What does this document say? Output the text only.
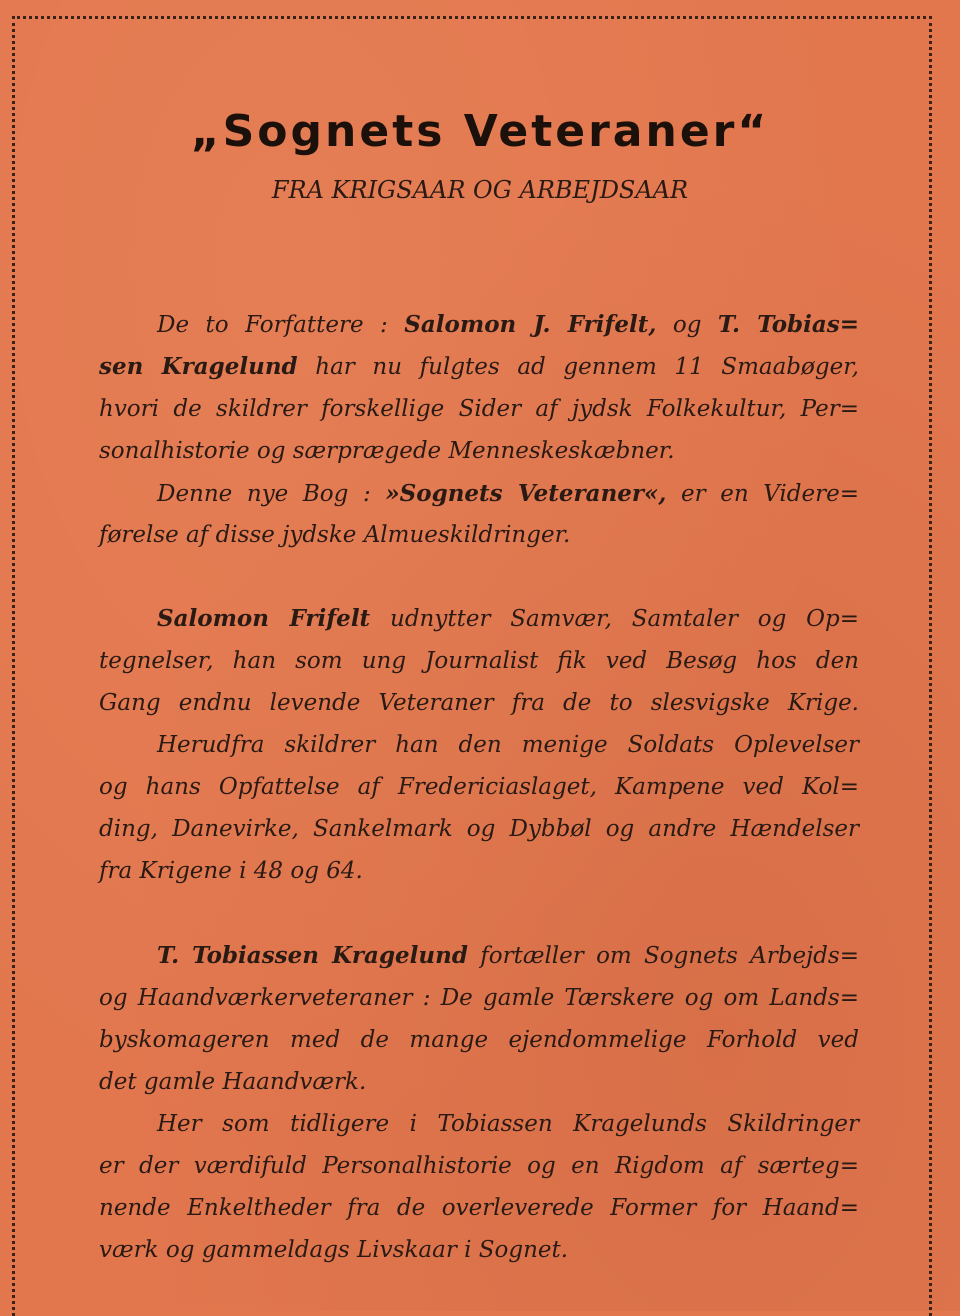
„Sognets Veteraner“
FRA KRIGSAAR OG ARBEJDSAAR
De to Forfattere : Salomon J. Frifelt, og T. Tobias=
sen Kragelund har nu fulgtes ad gennem 11 Smaabøger,
hvori de skildrer forskellige Sider af jydsk Folkekultur, Per=
sonalhistorie og særprægede Menneskeskæbner.
Denne nye Bog : »Sognets Veteraner«, er en Videre=
førelse af disse jydske Almueskildringer.
Salomon Frifelt udnytter Samvær, Samtaler og Op=
tegnelser, han som ung Journalist fik ved Besøg hos den
Gang endnu levende Veteraner fra de to slesvigske Krige.
Herudfra skildrer han den menige Soldats Oplevelser
og hans Opfattelse af Fredericiaslaget, Kampene ved Kol=
ding, Danevirke, Sankelmark og Dybbøl og andre Hændelser
fra Krigene i 48 og 64.
T. Tobiassen Kragelund fortæller om Sognets Arbejds=
og Haandværkerveteraner : De gamle Tærskere og om Lands=
byskomageren med de mange ejendommelige Forhold ved
det gamle Haandværk.
Her som tidligere i Tobiassen Kragelunds Skildringer
er der værdifuld Personalhistorie og en Rigdom af særteg=
nende Enkeltheder fra de overleverede Former for Haand=
værk og gammeldags Livskaar i Sognet.
